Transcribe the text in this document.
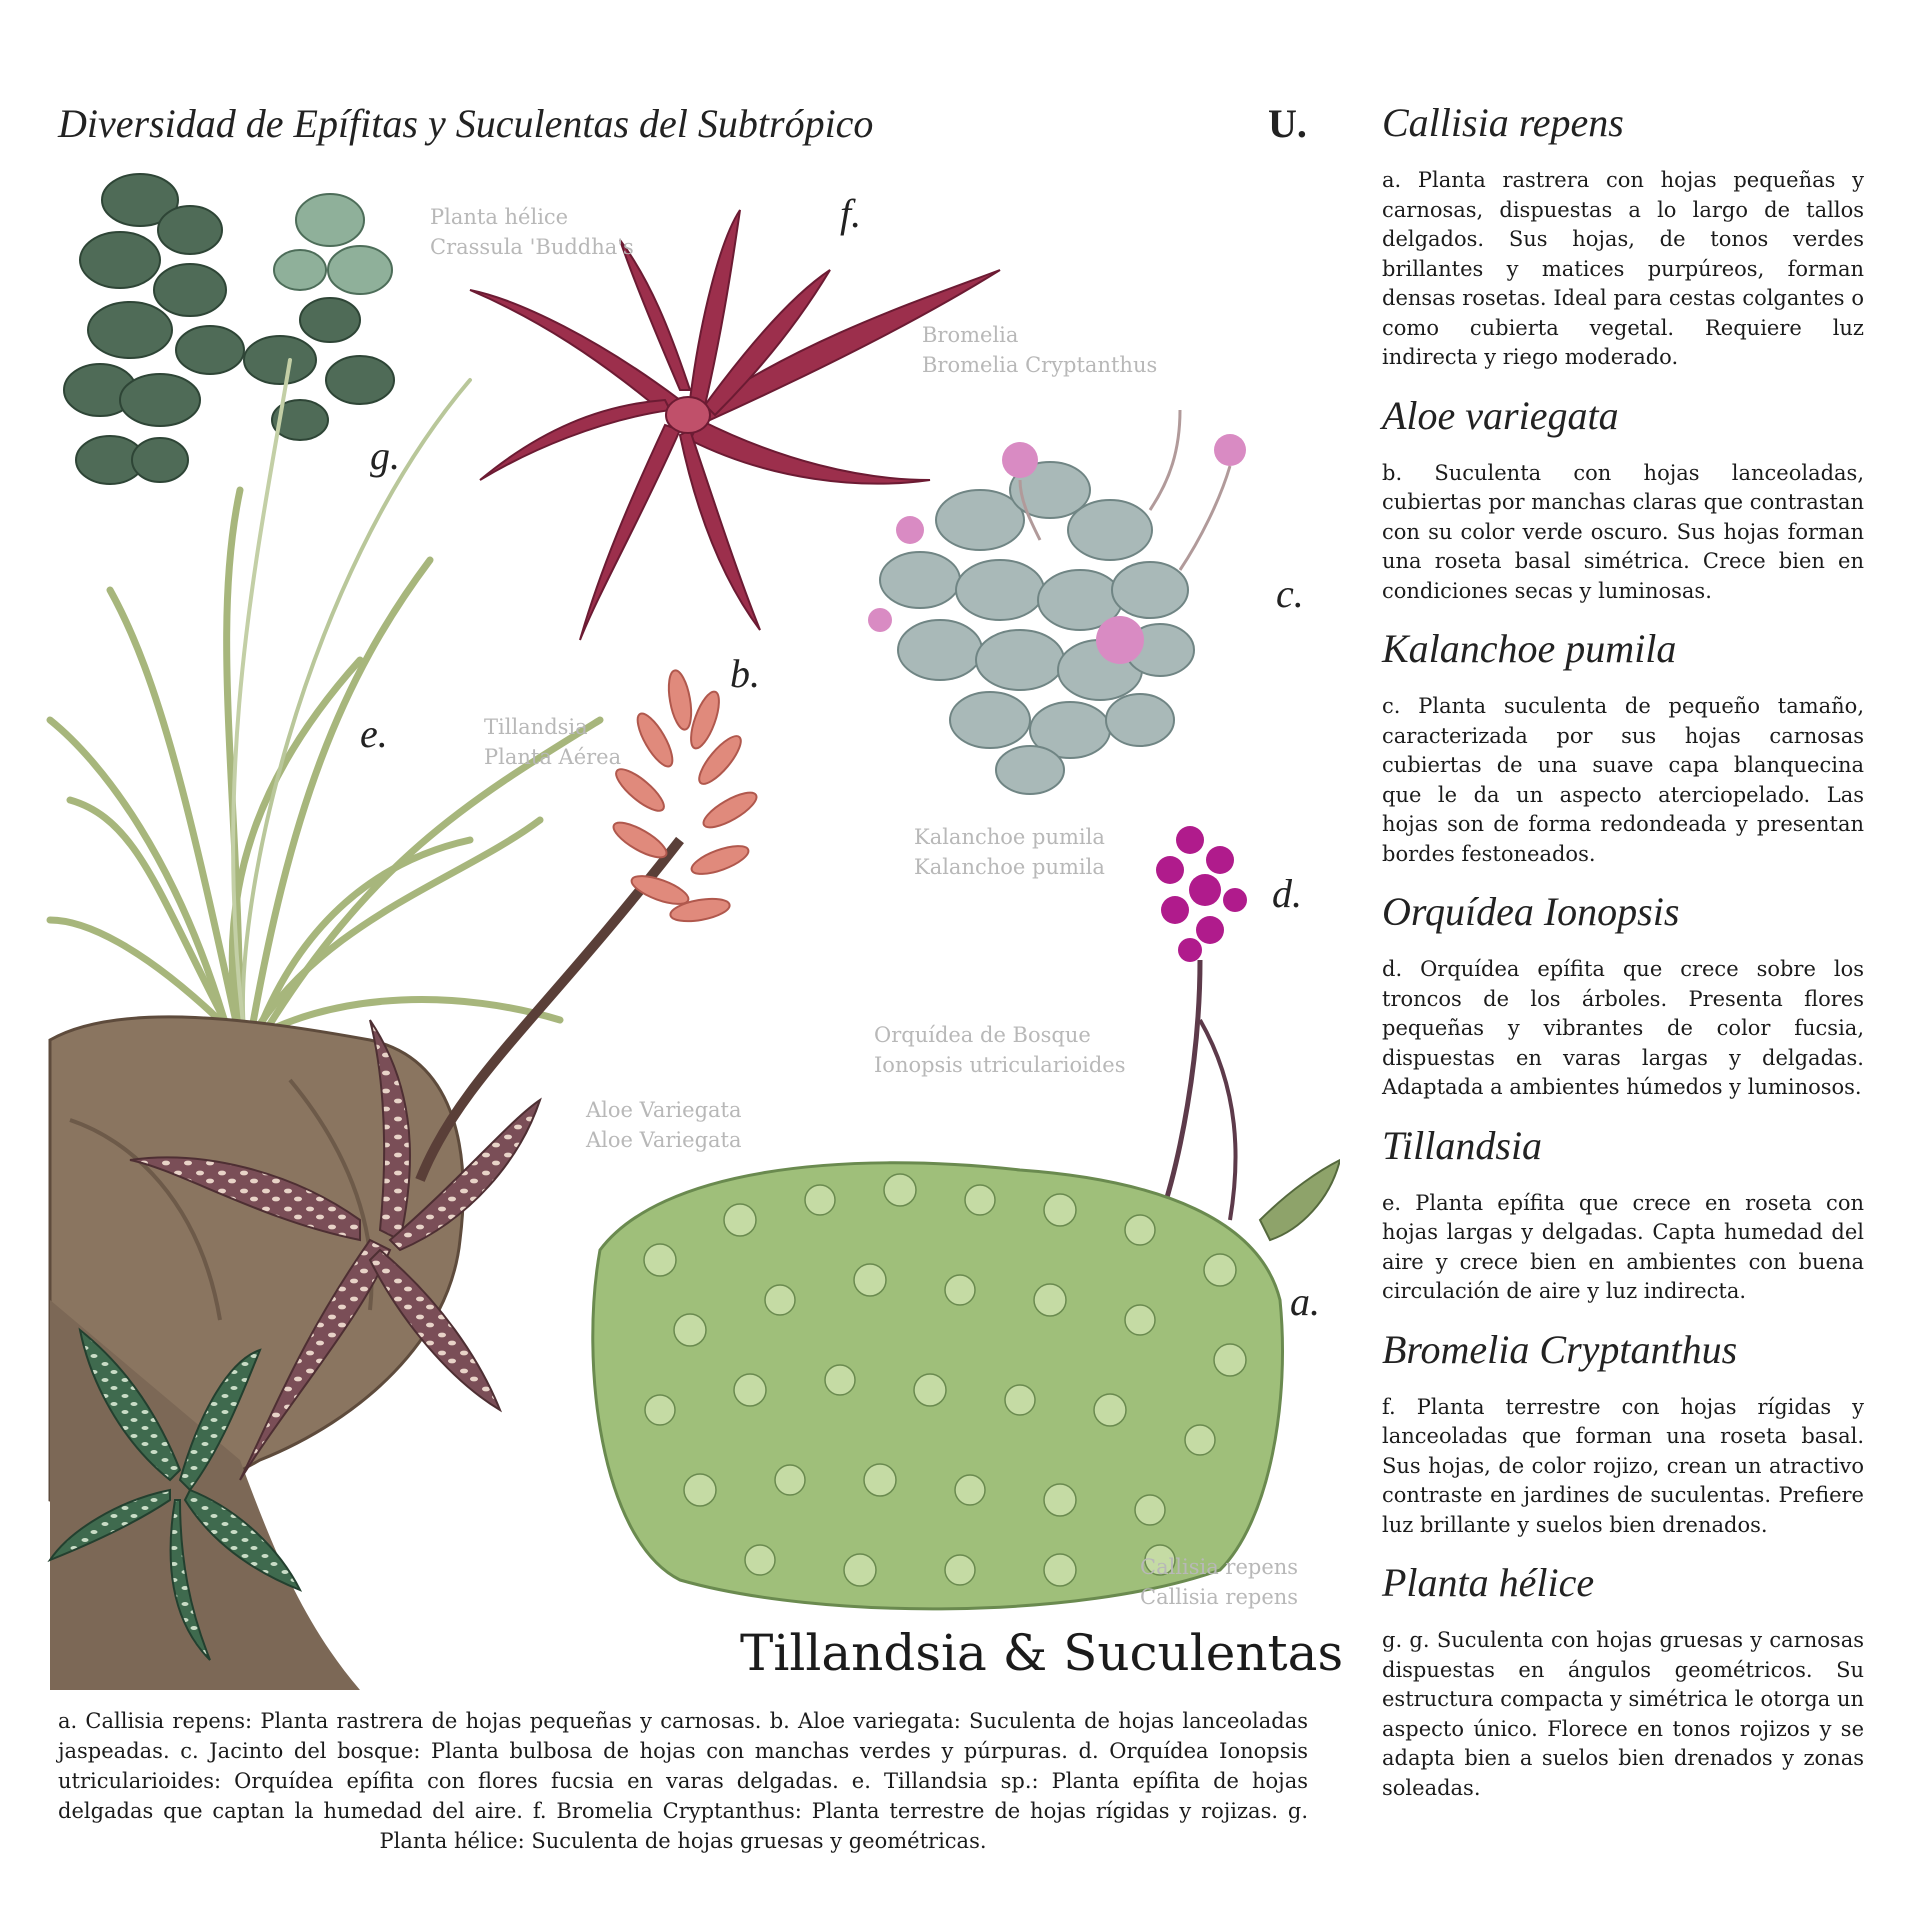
Diversidad de Epífitas y Suculentas del Subtrópico	U.
Planta hélice
Crassula 'Buddha's
Bromelia
Bromelia Cryptanthus
Tillandsia
Planta Aérea
Kalanchoe pumila
Kalanchoe pumila
Orquídea de Bosque
Ionopsis utricularioides
Aloe Variegata
Aloe Variegata
Callisia repens
Callisia repens
a.
b.
c.
d.
e.
f.
g.
Tillandsia & Suculentas
a. Callisia repens: Planta rastrera de hojas pequeñas y carnosas. b. Aloe variegata: Suculenta de hojas lanceoladas jaspeadas. c. Jacinto del bosque: Planta bulbosa de hojas con manchas verdes y púrpuras. d. Orquídea Ionopsis utricularioides: Orquídea epífita con flores fucsia en varas delgadas. e. Tillandsia sp.: Planta epífita de hojas delgadas que captan la humedad del aire. f. Bromelia Cryptanthus: Planta terrestre de hojas rígidas y rojizas. g. Planta hélice: Suculenta de hojas gruesas y geométricas.
Callisia repens
a. Planta rastrera con hojas pequeñas y carnosas, dispuestas a lo largo de tallos delgados. Sus hojas, de tonos verdes brillantes y matices purpúreos, forman densas rosetas. Ideal para cestas colgantes o como cubierta vegetal. Requiere luz indirecta y riego moderado.
Aloe variegata
b. Suculenta con hojas lanceoladas, cubiertas por manchas claras que contrastan con su color verde oscuro. Sus hojas forman una roseta basal simétrica. Crece bien en condiciones secas y luminosas.
Kalanchoe pumila
c. Planta suculenta de pequeño tamaño, caracterizada por sus hojas carnosas cubiertas de una suave capa blanquecina que le da un aspecto aterciopelado. Las hojas son de forma redondeada y presentan bordes festoneados.
Orquídea Ionopsis
d. Orquídea epífita que crece sobre los troncos de los árboles. Presenta flores pequeñas y vibrantes de color fucsia, dispuestas en varas largas y delgadas. Adaptada a ambientes húmedos y luminosos.
Tillandsia
e. Planta epífita que crece en roseta con hojas largas y delgadas. Capta humedad del aire y crece bien en ambientes con buena circulación de aire y luz indirecta.
Bromelia Cryptanthus
f. Planta terrestre con hojas rígidas y lanceoladas que forman una roseta basal. Sus hojas, de color rojizo, crean un atractivo contraste en jardines de suculentas. Prefiere luz brillante y suelos bien drenados.
Planta hélice
g. g. Suculenta con hojas gruesas y carnosas dispuestas en ángulos geométricos. Su estructura compacta y simétrica le otorga un aspecto único. Florece en tonos rojizos y se adapta bien a suelos bien drenados y zonas soleadas.
